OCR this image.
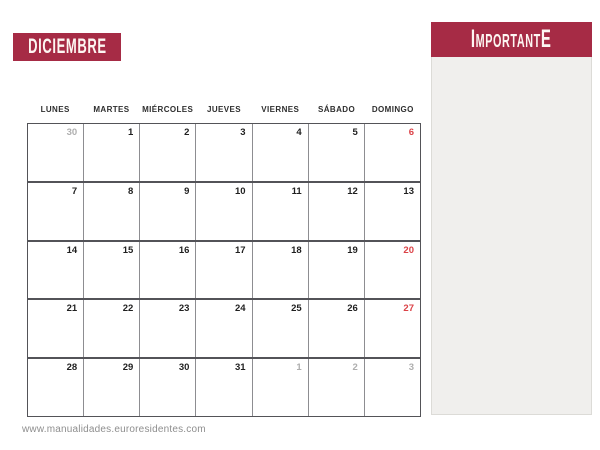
DICIEMBRE	ImportantE
LUNES	MARTES	MIÉRCOLES	JUEVES	VIERNES	SÁBADO	DOMINGO
30	1	2	3	4	5	6
7	8	9	10	11	12	13
14	15	16	17	18	19	20
21	22	23	24	25	26	27
28	29	30	31	1	2	3
www.manualidades.euroresidentes.com
